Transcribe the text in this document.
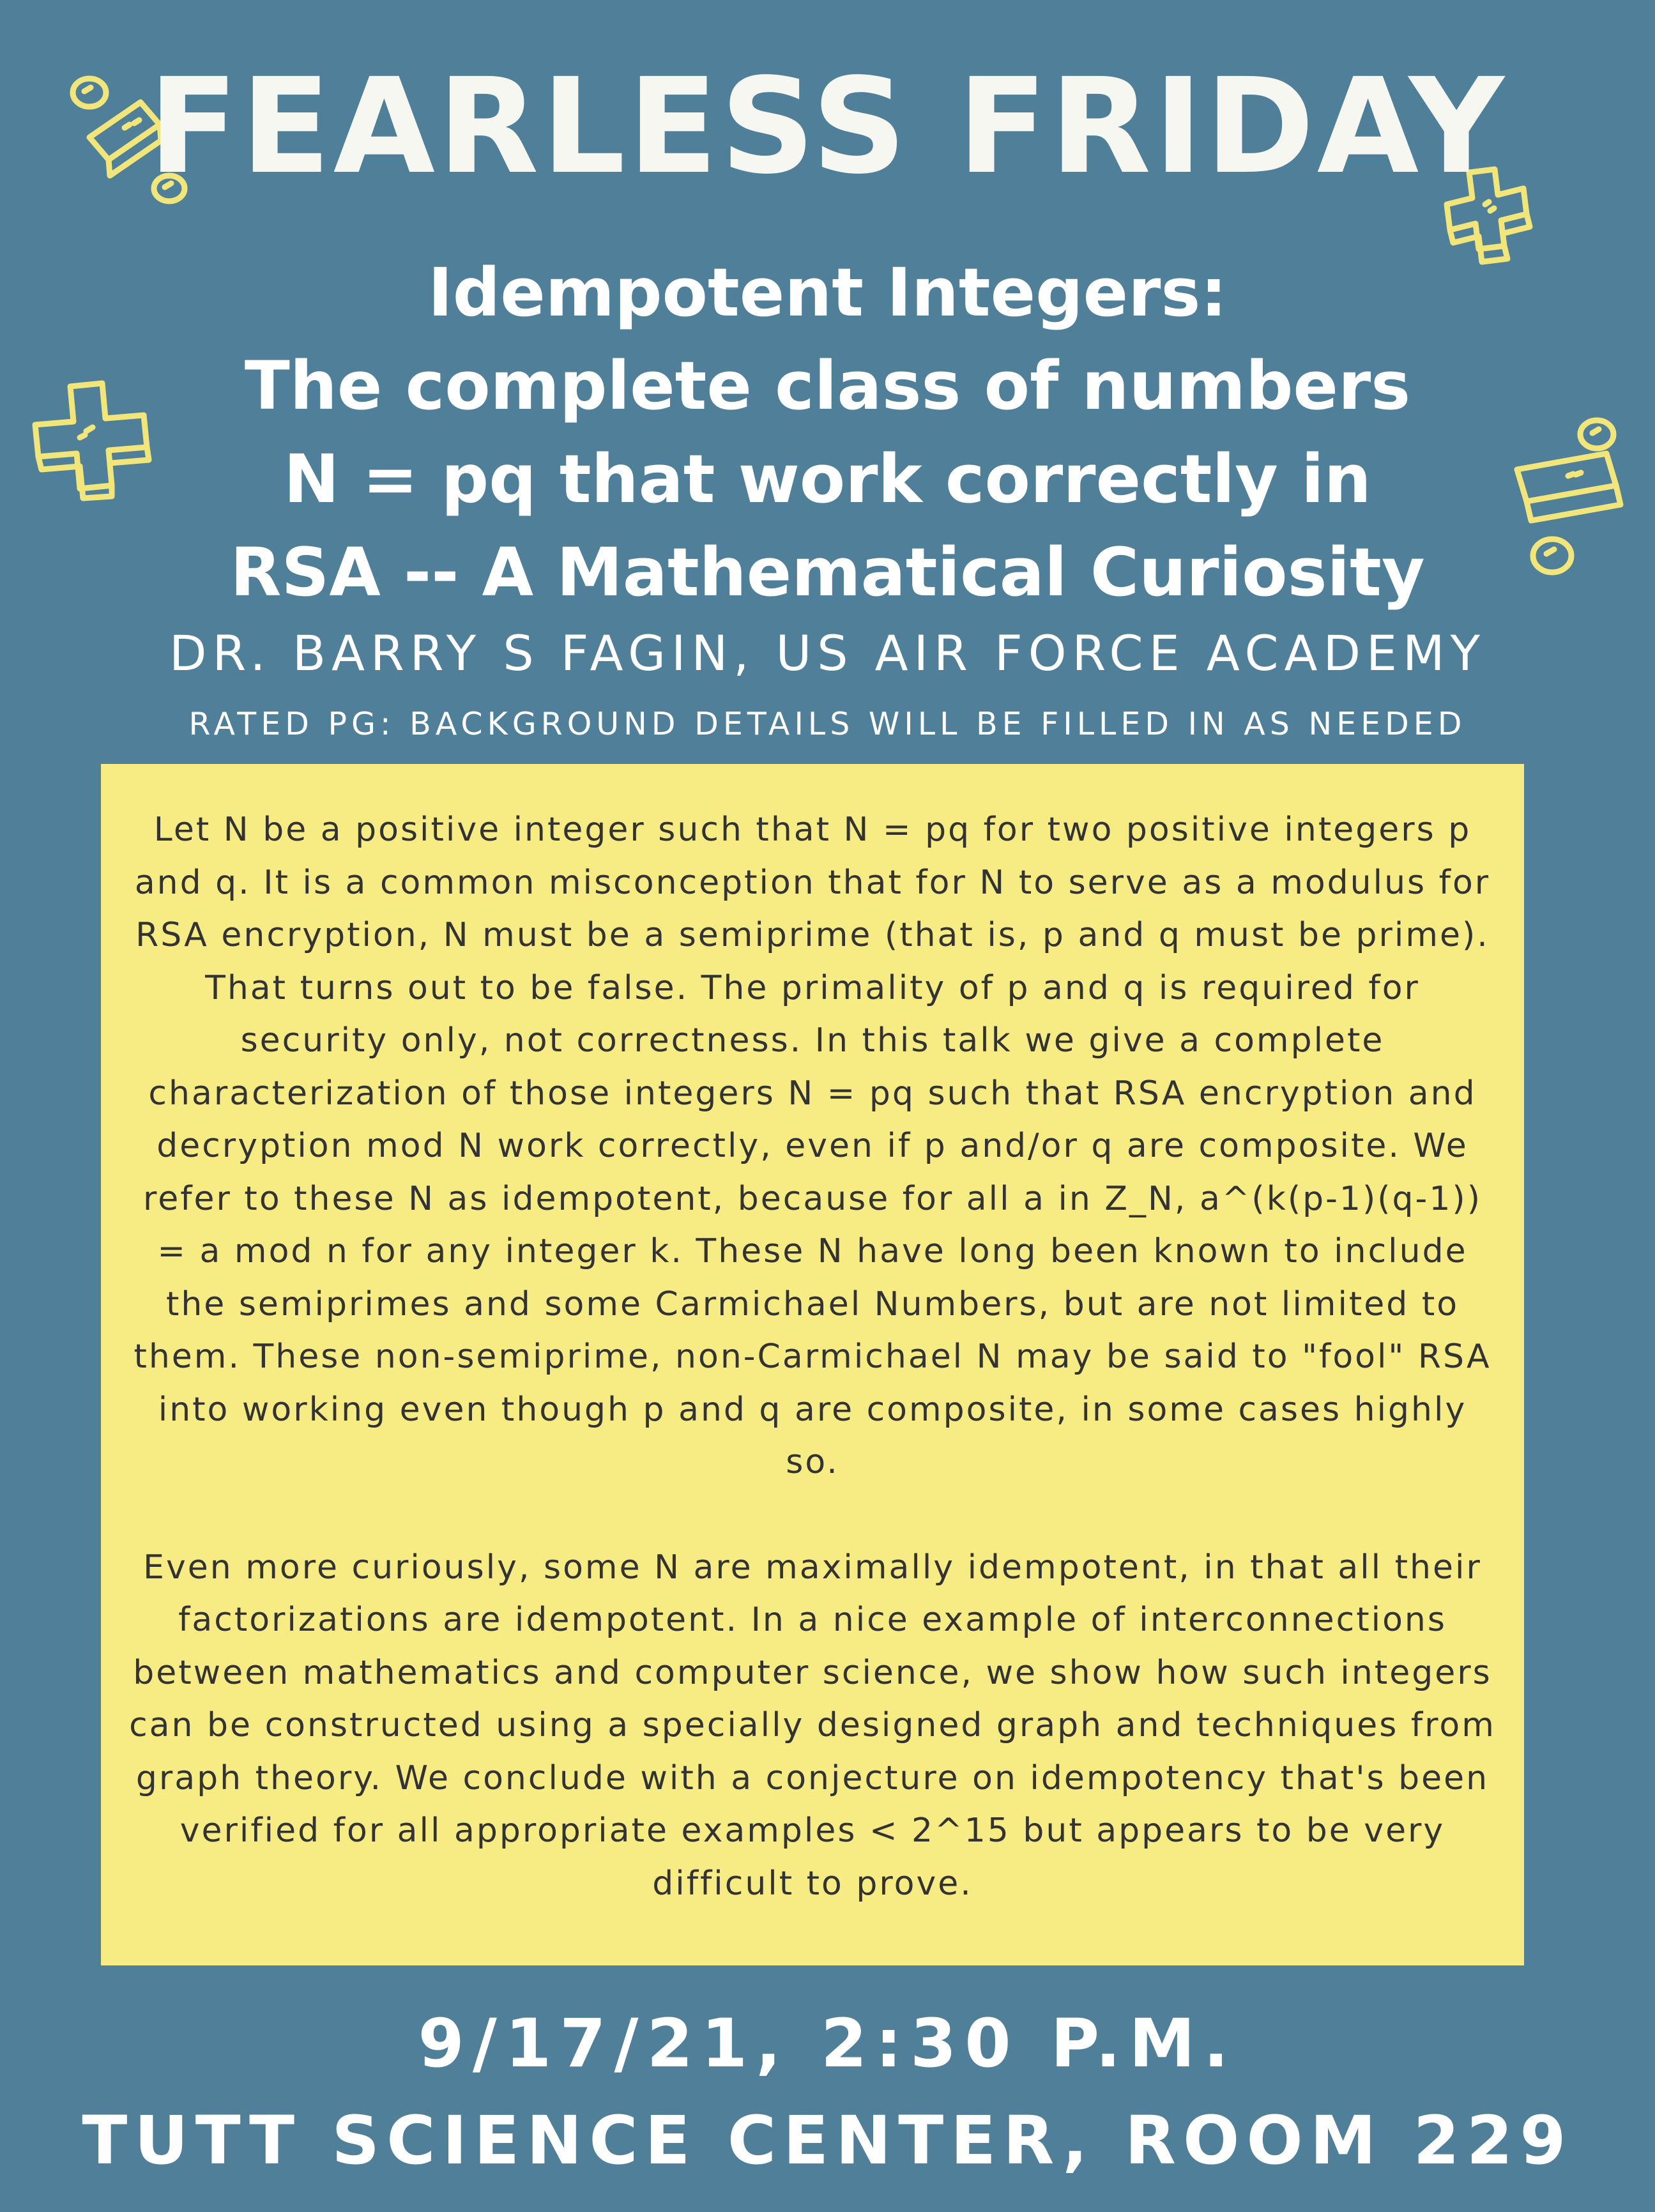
FEARLESS FRIDAY
Idempotent Integers:
The complete class of numbers
N = pq that work correctly in
RSA -- A Mathematical Curiosity
DR. BARRY S FAGIN, US AIR FORCE ACADEMY
RATED PG: BACKGROUND DETAILS WILL BE FILLED IN AS NEEDED

Let N be a positive integer such that N = pq for two positive integers p and q. It is a common misconception that for N to serve as a modulus for RSA encryption, N must be a semiprime (that is, p and q must be prime). That turns out to be false. The primality of p and q is required for security only, not correctness. In this talk we give a complete characterization of those integers N = pq such that RSA encryption and decryption mod N work correctly, even if p and/or q are composite. We refer to these N as idempotent, because for all a in Z_N, a^(k(p-1)(q-1)) = a mod n for any integer k. These N have long been known to include the semiprimes and some Carmichael Numbers, but are not limited to them. These non-semiprime, non-Carmichael N may be said to "fool" RSA into working even though p and q are composite, in some cases highly so.

Even more curiously, some N are maximally idempotent, in that all their factorizations are idempotent. In a nice example of interconnections between mathematics and computer science, we show how such integers can be constructed using a specially designed graph and techniques from graph theory. We conclude with a conjecture on idempotency that's been verified for all appropriate examples < 2^15 but appears to be very difficult to prove.

9/17/21, 2:30 P.M.
TUTT SCIENCE CENTER, ROOM 229
